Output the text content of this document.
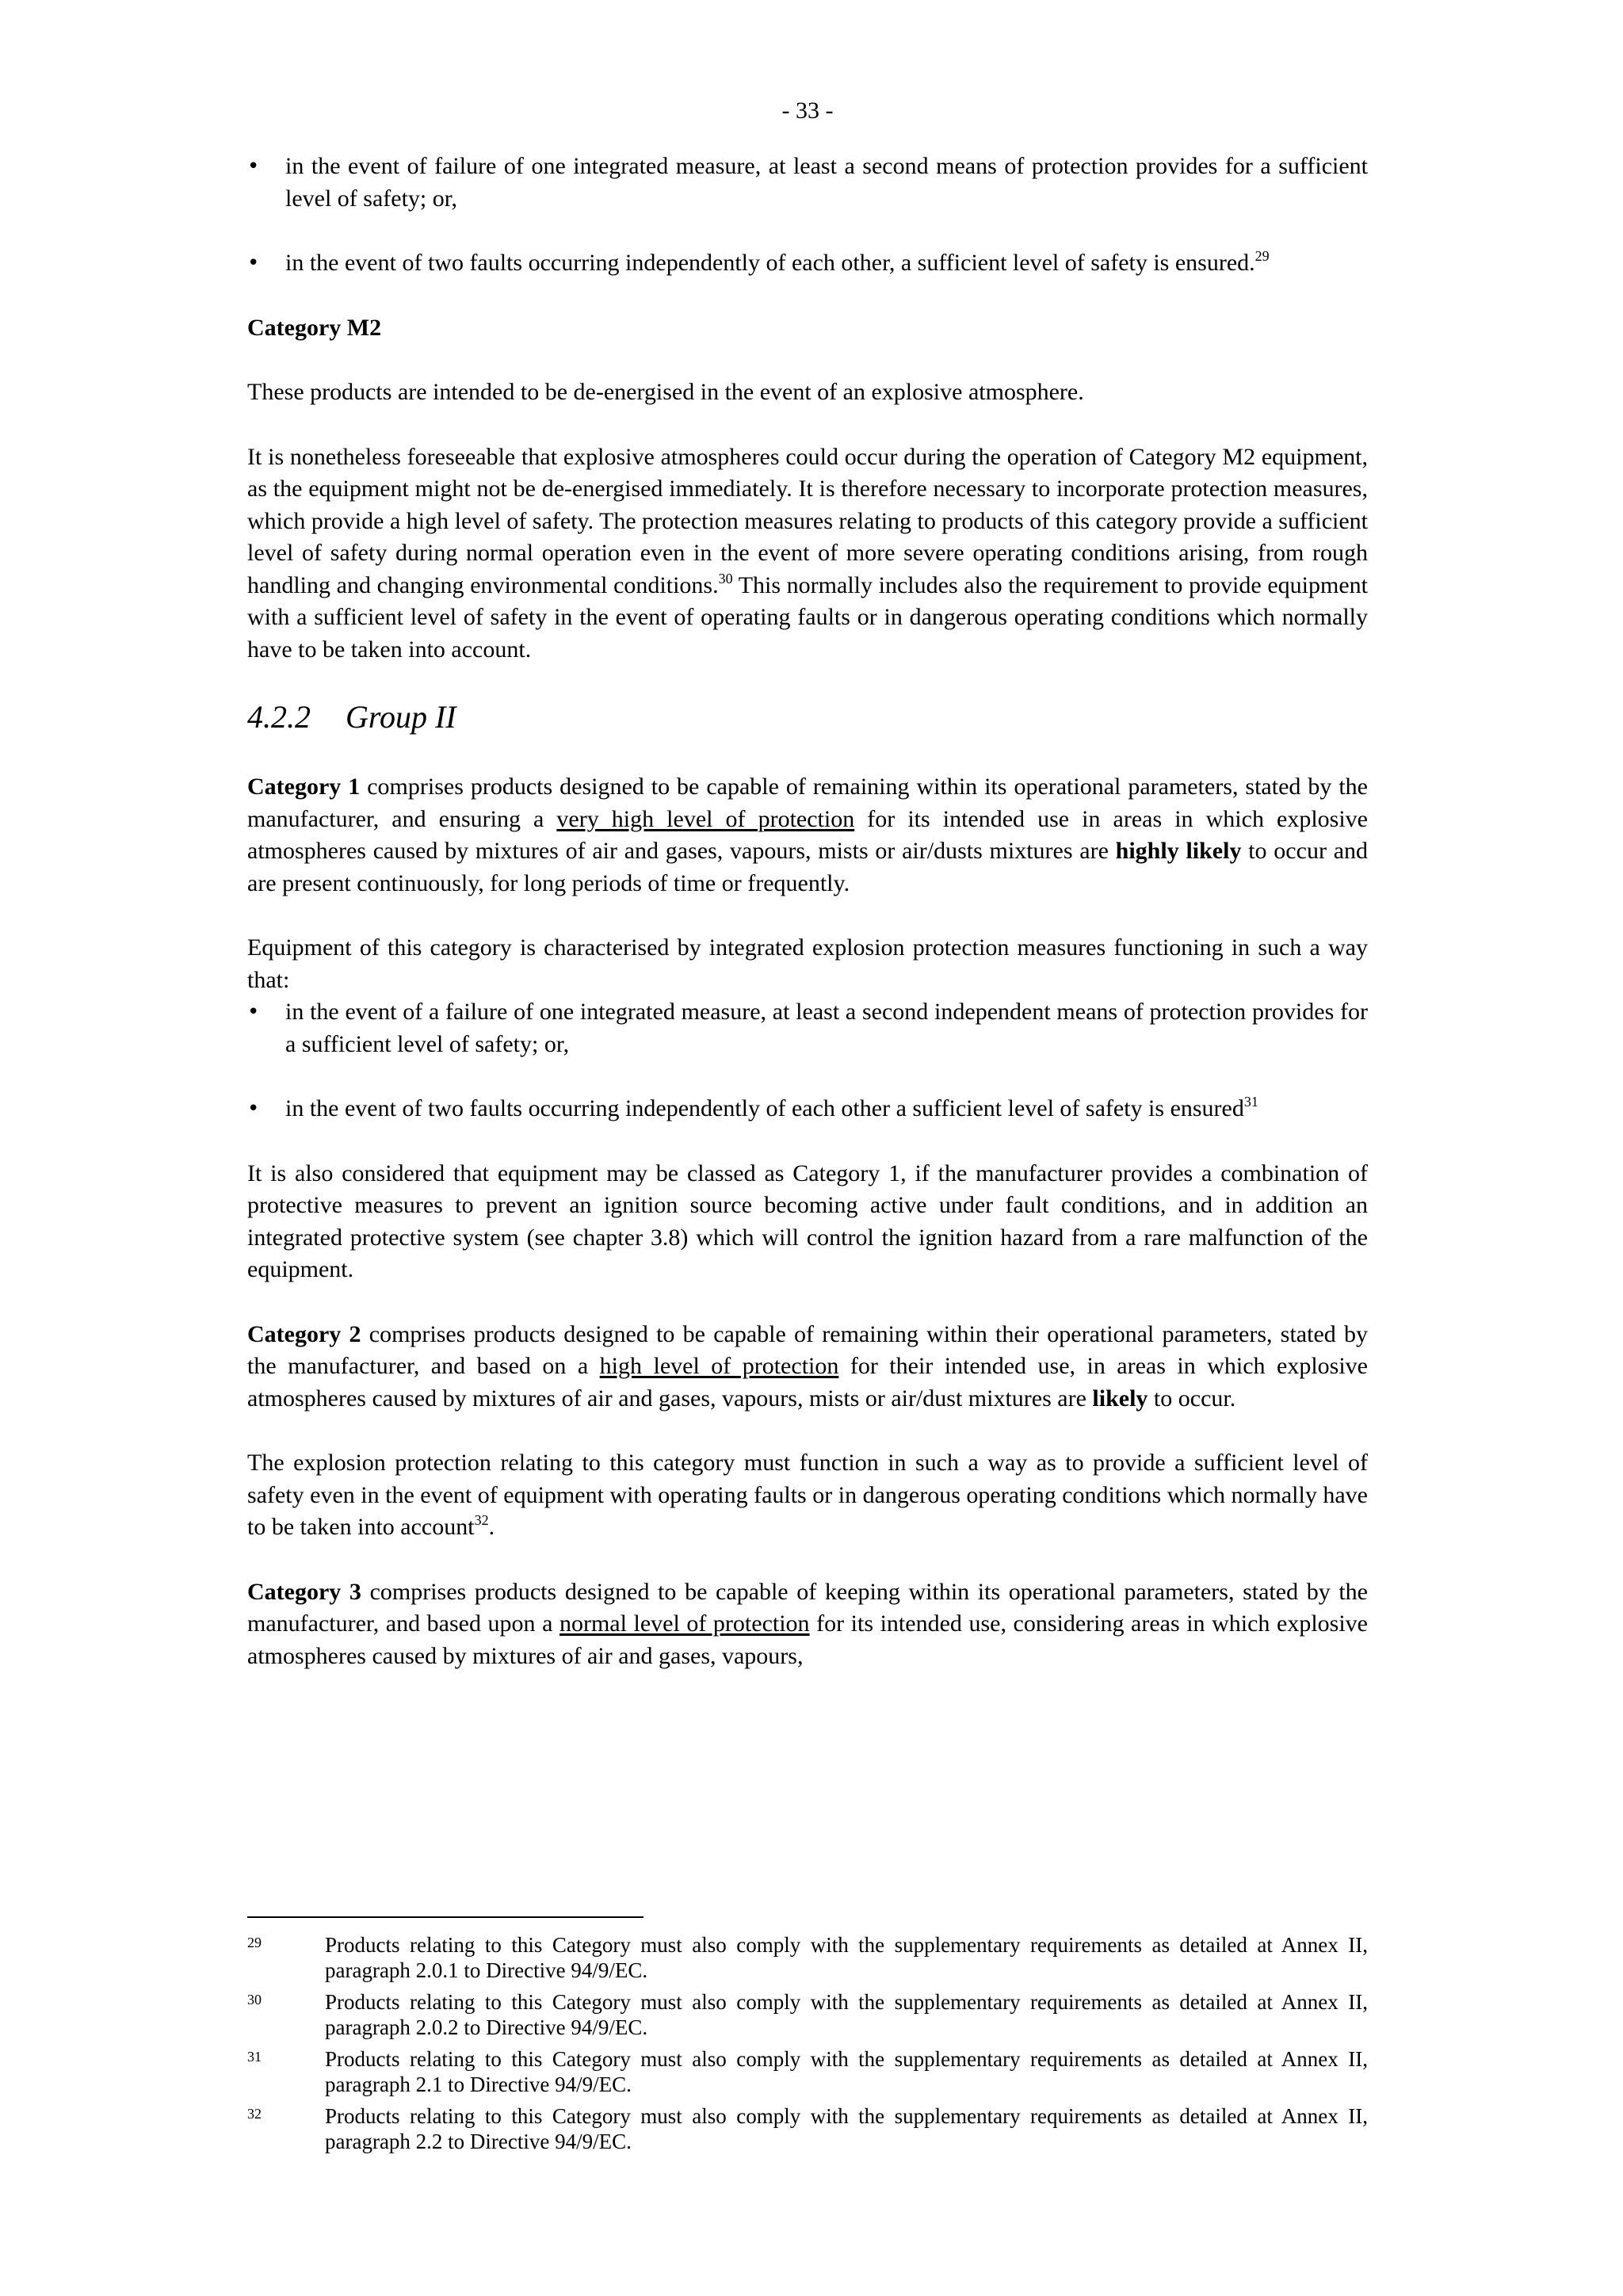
- 33 -
• in the event of failure of one integrated measure, at least a second means of protection provides for a sufficient level of safety; or,
• in the event of two faults occurring independently of each other, a sufficient level of safety is ensured.$^{29}$

Category M2

These products are intended to be de-energised in the event of an explosive atmosphere.

It is nonetheless foreseeable that explosive atmospheres could occur during the operation of Category M2 equipment, as the equipment might not be de-energised immediately. It is therefore necessary to incorporate protection measures, which provide a high level of safety. The protection measures relating to products of this category provide a sufficient level of safety during normal operation even in the event of more severe operating conditions arising, from rough handling and changing environmental conditions.$^{30}$ This normally includes also the requirement to provide equipment with a sufficient level of safety in the event of operating faults or in dangerous operating conditions which normally have to be taken into account.

4.2.2 Group II

Category 1 comprises products designed to be capable of remaining within its operational parameters, stated by the manufacturer, and ensuring a very high level of protection for its intended use in areas in which explosive atmospheres caused by mixtures of air and gases, vapours, mists or air/dusts mixtures are highly likely to occur and are present continuously, for long periods of time or frequently.

Equipment of this category is characterised by integrated explosion protection measures functioning in such a way that:

• in the event of a failure of one integrated measure, at least a second independent means of protection provides for a sufficient level of safety; or,
• in the event of two faults occurring independently of each other a sufficient level of safety is ensured$^{31}$

It is also considered that equipment may be classed as Category 1, if the manufacturer provides a combination of protective measures to prevent an ignition source becoming active under fault conditions, and in addition an integrated protective system (see chapter 3.8) which will control the ignition hazard from a rare malfunction of the equipment.

Category 2 comprises products designed to be capable of remaining within their operational parameters, stated by the manufacturer, and based on a high level of protection for their intended use, in areas in which explosive atmospheres caused by mixtures of air and gases, vapours, mists or air/dust mixtures are likely to occur.

The explosion protection relating to this category must function in such a way as to provide a sufficient level of safety even in the event of equipment with operating faults or in dangerous operating conditions which normally have to be taken into account$^{32}$.

Category 3 comprises products designed to be capable of keeping within its operational parameters, stated by the manufacturer, and based upon a normal level of protection for its intended use, considering areas in which explosive atmospheres caused by mixtures of air and gases, vapours,

29	Products relating to this Category must also comply with the supplementary requirements as detailed at Annex II, paragraph 2.0.1 to Directive 94/9/EC.
30	Products relating to this Category must also comply with the supplementary requirements as detailed at Annex II, paragraph 2.0.2 to Directive 94/9/EC.
31	Products relating to this Category must also comply with the supplementary requirements as detailed at Annex II, paragraph 2.1 to Directive 94/9/EC.
32	Products relating to this Category must also comply with the supplementary requirements as detailed at Annex II, paragraph 2.2 to Directive 94/9/EC.
